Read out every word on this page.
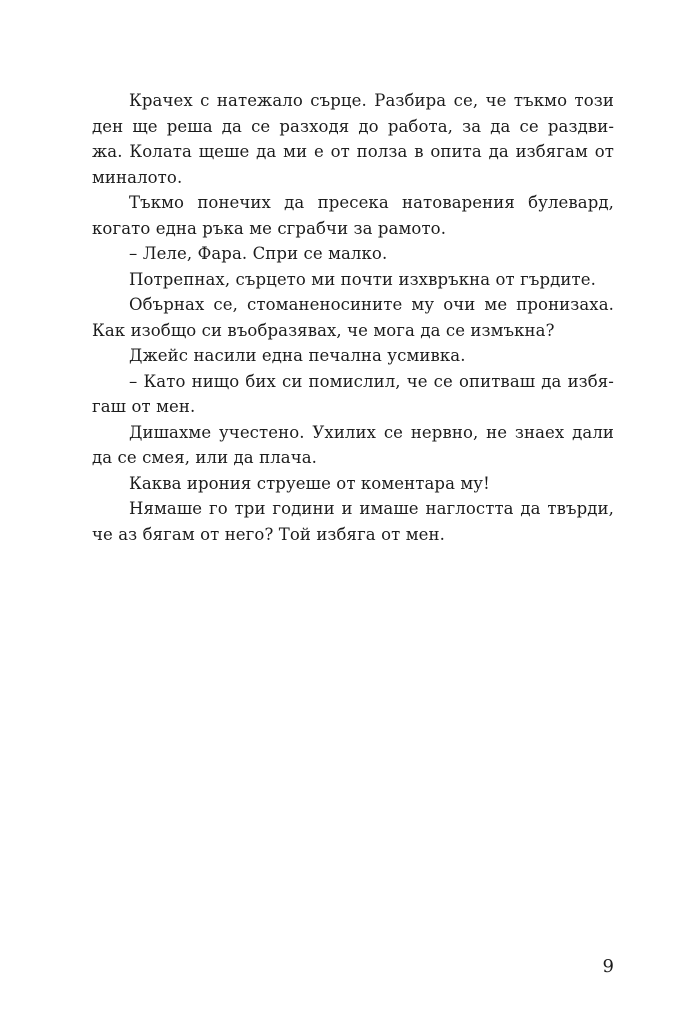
Крачех с натежало сърце. Разбира се, че тъкмо този
ден ще реша да се разходя до работа, за да се раздви-
жа. Колата щеше да ми е от полза в опита да избягам от
миналото.
Тъкмо понечих да пресека натоварения булевард,
когато една ръка ме сграбчи за рамото.
– Леле, Фара. Спри се малко.
Потрепнах, сърцето ми почти изхвръкна от гърдите.
Обърнах се, стоманеносините му очи ме пронизаха.
Как изобщо си въобразявах, че мога да се измъкна?
Джейс насили една печална усмивка.
– Като нищо бих си помислил, че се опитваш да избя-
гаш от мен.
Дишахме учестено. Ухилих се нервно, не знаех дали
да се смея, или да плача.
Каква ирония струеше от коментара му!
Нямаше го три години и имаше наглостта да твърди,
че аз бягам от него? Той избяга от мен.
9
